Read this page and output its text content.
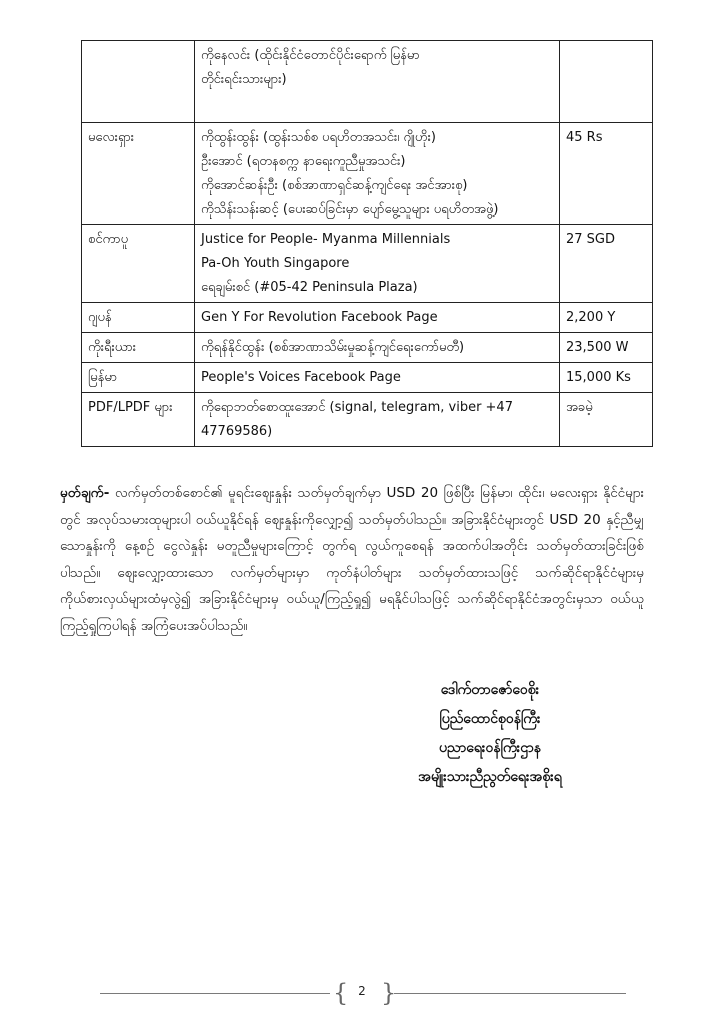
	ကိုနေလင်း (ထိုင်းနိုင်ငံတောင်ပိုင်းရောက် မြန်မာ
တိုင်းရင်းသားများ)	

မလေးရှား	ကိုထွန်းထွန်း (ထွန်းသစ်စ ပရဟိတအသင်း၊ ဂျိုဟိုး)
ဦးအောင် (ရတနစက္က နာရေးကူညီမှုအသင်း)
ကိုအောင်ဆန်းဦး (စစ်အာဏာရှင်ဆန့်ကျင်ရေး အင်အားစု)
ကိုသိန်းသန်းဆင့် (ပေးဆပ်ခြင်းမှာ ပျော်မွေ့သူများ ပရဟိတအဖွဲ့)	45 Rs
စင်ကာပူ	Justice for People- Myanma Millennials
Pa-Oh Youth Singapore
ရေချမ်းစင် (#05-42 Peninsula Plaza)	27 SGD
ဂျပန်	Gen Y For Revolution Facebook Page	2,200 Y
ကိုးရီးယား	ကိုရန်နိုင်ထွန်း (စစ်အာဏာသိမ်းမှုဆန့်ကျင်ရေးကော်မတီ)	23,500 W
မြန်မာ	People's Voices Facebook Page	15,000 Ks
PDF/LPDF များ	ကိုရောဘတ်စောထူးအောင် (signal, telegram, viber +47 47769586)	အခမဲ့

မှတ်ချက်- လက်မှတ်တစ်စောင်၏ မူရင်းဈေးနှုန်း သတ်မှတ်ချက်မှာ USD 20 ဖြစ်ပြီး မြန်မာ၊ ထိုင်း၊ မလေးရှား နိုင်ငံများတွင် အလုပ်သမားထုများပါ ဝယ်ယူနိုင်ရန် ဈေးနှုန်းကိုလျှော့၍ သတ်မှတ်ပါသည်။ အခြားနိုင်ငံများတွင် USD 20 နှင့်ညီမျှသောနှုန်းကို နေ့စဉ် ငွေလဲနှုန်း မတူညီမှုများကြောင့် တွက်ရ လွယ်ကူစေရန် အထက်ပါအတိုင်း သတ်မှတ်ထားခြင်းဖြစ်ပါသည်။ ဈေးလျှော့ထားသော လက်မှတ်များမှာ ကုတ်နံပါတ်များ သတ်မှတ်ထားသဖြင့် သက်ဆိုင်ရာနိုင်ငံများမှ ကိုယ်စားလှယ်များထံမှလွဲ၍ အခြားနိုင်ငံများမှ ဝယ်ယူ/ကြည့်ရှု၍ မရနိုင်ပါသဖြင့် သက်ဆိုင်ရာနိုင်ငံအတွင်းမှသာ ဝယ်ယူကြည့်ရှုကြပါရန် အကြံပေးအပ်ပါသည်။

ဒေါက်တာဇော်ဝေစိုး
ပြည်ထောင်စုဝန်ကြီး
ပညာရေးဝန်ကြီးဌာန
အမျိုးသားညီညွတ်ရေးအစိုးရ
{ 2 }
